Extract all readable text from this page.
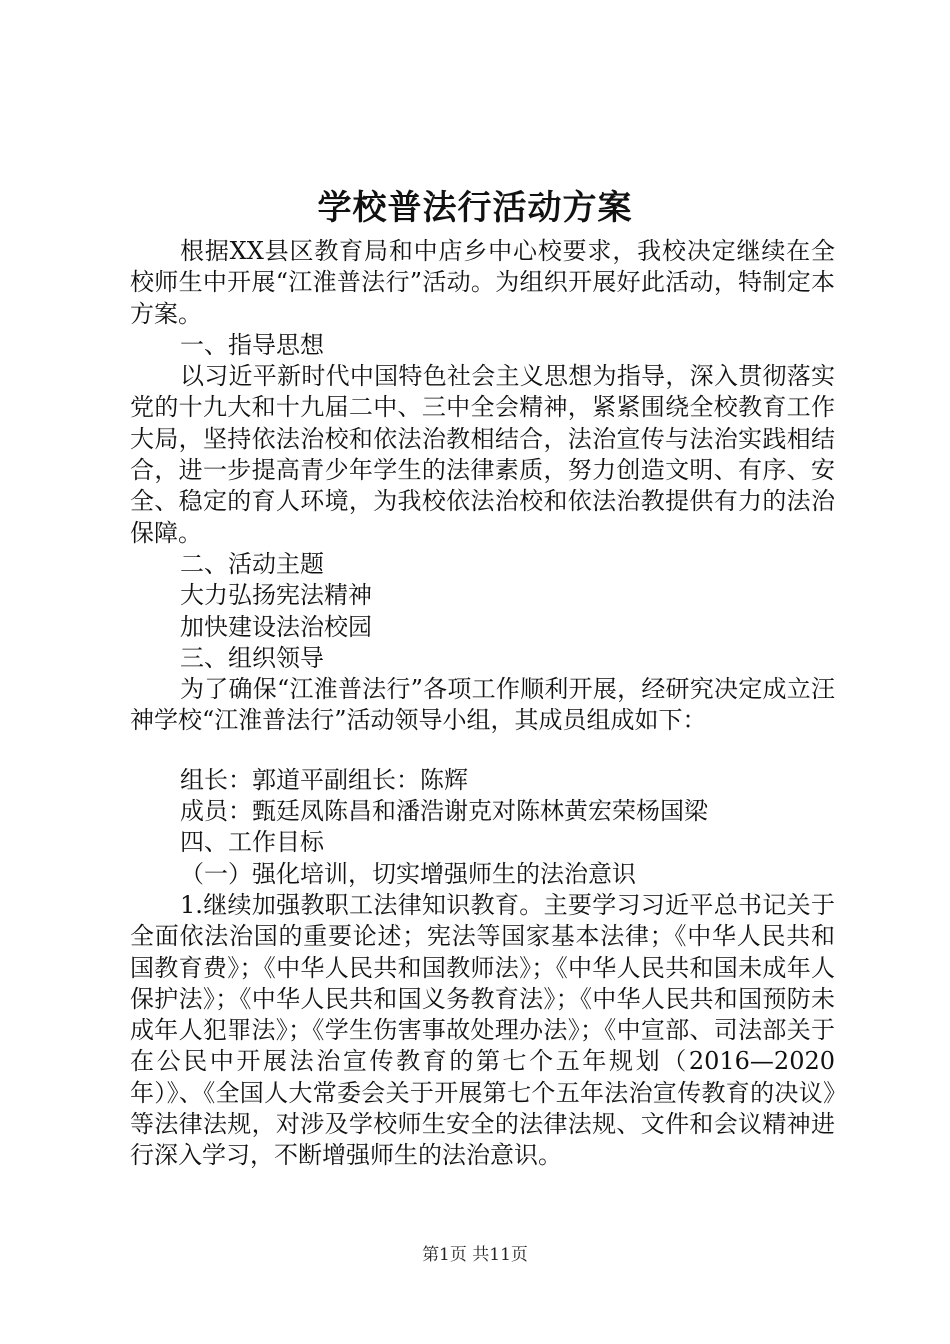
学校普法行活动方案

根据XX县区教育局和中店乡中心校要求，我校决定继续在全校师生中开展“江淮普法行”活动。为组织开展好此活动，特制定本方案。

一、指导思想

以习近平新时代中国特色社会主义思想为指导，深入贯彻落实党的十九大和十九届二中、三中全会精神，紧紧围绕全校教育工作大局，坚持依法治校和依法治教相结合，法治宣传与法治实践相结合，进一步提高青少年学生的法律素质，努力创造文明、有序、安全、稳定的育人环境，为我校依法治校和依法治教提供有力的法治保障。

二、活动主题

大力弘扬宪法精神

加快建设法治校园

三、组织领导

为了确保“江淮普法行”各项工作顺利开展，经研究决定成立汪神学校“江淮普法行”活动领导小组，其成员组成如下：

组长：郭道平副组长：陈辉

成员：甄廷凤陈昌和潘浩谢克对陈林黄宏荣杨国梁

四、工作目标

（一）强化培训，切实增强师生的法治意识

1.继续加强教职工法律知识教育。主要学习习近平总书记关于全面依法治国的重要论述；宪法等国家基本法律；《中华人民共和国教育费》；《中华人民共和国教师法》；《中华人民共和国未成年人保护法》；《中华人民共和国义务教育法》；《中华人民共和国预防未成年人犯罪法》；《学生伤害事故处理办法》；《中宣部、司法部关于在公民中开展法治宣传教育的第七个五年规划（2016—2020年）》、《全国人大常委会关于开展第七个五年法治宣传教育的决议》等法律法规，对涉及学校师生安全的法律法规、文件和会议精神进行深入学习，不断增强师生的法治意识。

第1页 共11页
